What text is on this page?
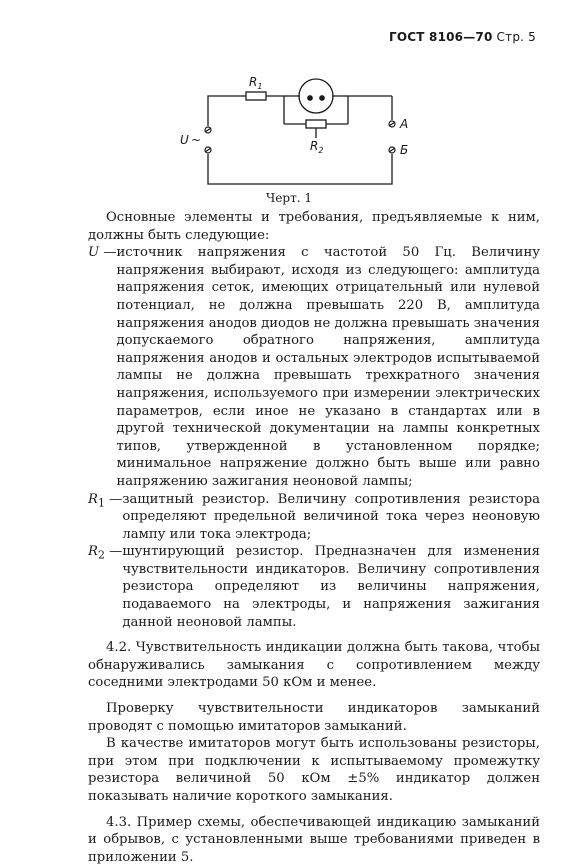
ГОСТ 8106—70 Стр. 5
$R_1$
$R_2$
U
А
Б
~
Черт. 1

Основные элементы и требования, предъявляемые к ним, должны быть следующие:

U — источник напряжения с частотой 50 Гц. Величину напряжения выбирают, исходя из следующего: амплитуда напряжения сеток, имеющих отрицательный или нулевой потенциал, не должна превышать 220 В, амплитуда напряжения анодов диодов не должна превышать значения допускаемого обратного напряжения, амплитуда напряжения анодов и остальных электродов испытываемой лампы не должна превышать трехкратного значения напряжения, используемого при измерении электрических параметров, если иное не указано в стандартах или в другой технической документации на лампы конкретных типов, утвержденной в установленном порядке; минимальное напряжение должно быть выше или равно напряжению зажигания неоновой лампы;
$R_1$ — защитный резистор. Величину сопротивления резистора определяют предельной величиной тока через неоновую лампу или тока электрода;
$R_2$ — шунтирующий резистор. Предназначен для изменения чувствительности индикаторов. Величину сопротивления резистора определяют из величины напряжения, подаваемого на электроды, и напряжения зажигания данной неоновой лампы.

4.2. Чувствительность индикации должна быть такова, чтобы обнаруживались замыкания с сопротивлением между соседними электродами 50 кОм и менее.

Проверку чувствительности индикаторов замыканий проводят с помощью имитаторов замыканий.

В качестве имитаторов могут быть использованы резисторы, при этом при подключении к испытываемому промежутку резистора величиной 50 кОм ±5% индикатор должен показывать наличие короткого замыкания.

4.3. Пример схемы, обеспечивающей индикацию замыканий и обрывов, с установленными выше требованиями приведен в приложении 5.
